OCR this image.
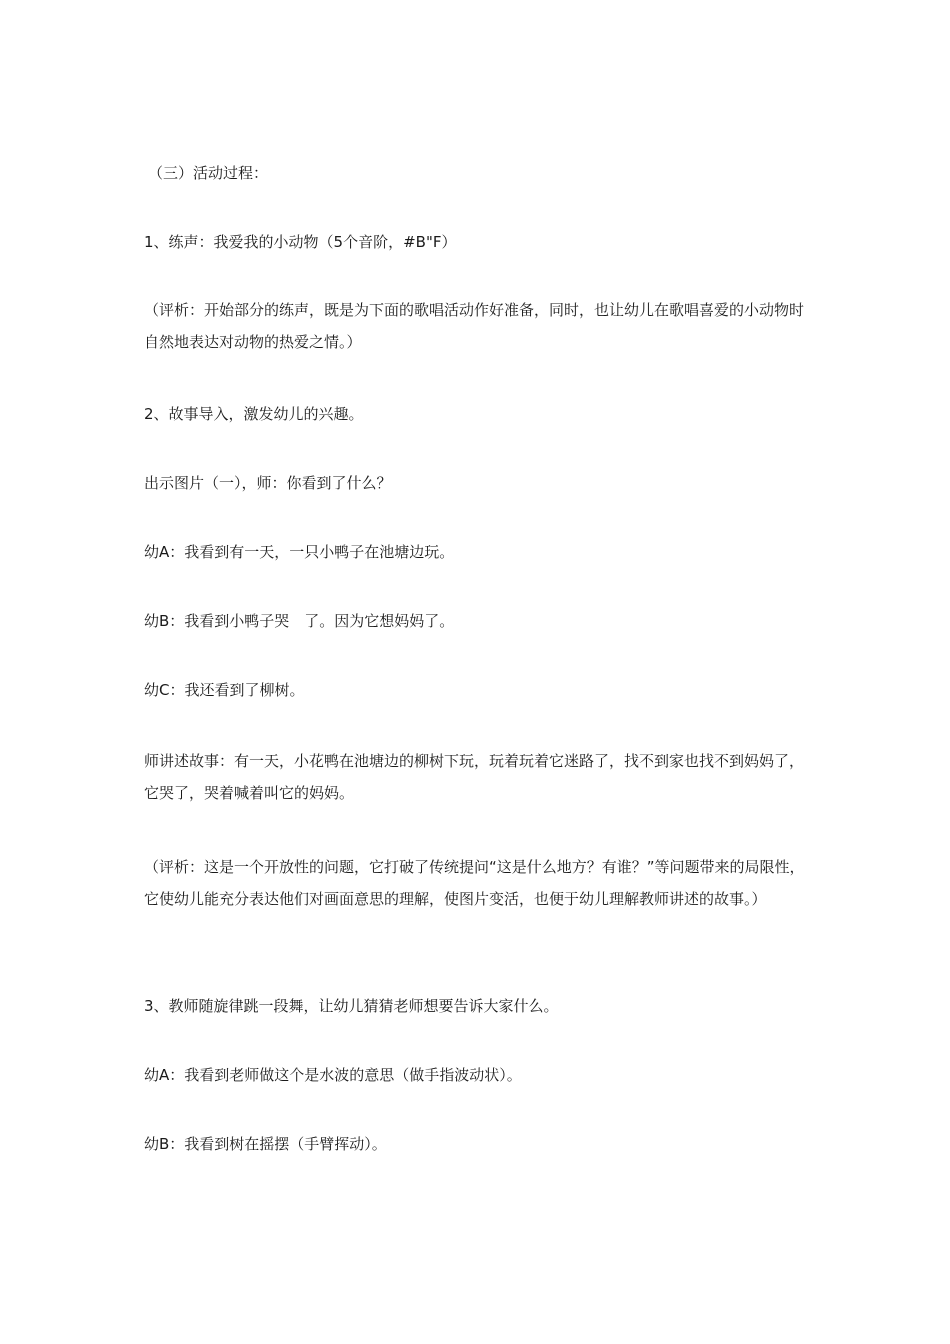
（三）活动过程：

1、练声：我爱我的小动物（5个音阶，#B"F）

（评析：开始部分的练声，既是为下面的歌唱活动作好准备，同时，也让幼儿在歌唱喜爱的小动物时自然地表达对动物的热爱之情。）

2、故事导入，激发幼儿的兴趣。

出示图片（一），师：你看到了什么？

幼A：我看到有一天，一只小鸭子在池塘边玩。

幼B：我看到小鸭子哭　了。因为它想妈妈了。

幼C：我还看到了柳树。

师讲述故事：有一天，小花鸭在池塘边的柳树下玩，玩着玩着它迷路了，找不到家也找不到妈妈了，它哭了，哭着喊着叫它的妈妈。

（评析：这是一个开放性的问题，它打破了传统提问“这是什么地方？有谁？”等问题带来的局限性，它使幼儿能充分表达他们对画面意思的理解，使图片变活，也便于幼儿理解教师讲述的故事。）

3、教师随旋律跳一段舞，让幼儿猜猜老师想要告诉大家什么。

幼A：我看到老师做这个是水波的意思（做手指波动状）。

幼B：我看到树在摇摆（手臂挥动）。
